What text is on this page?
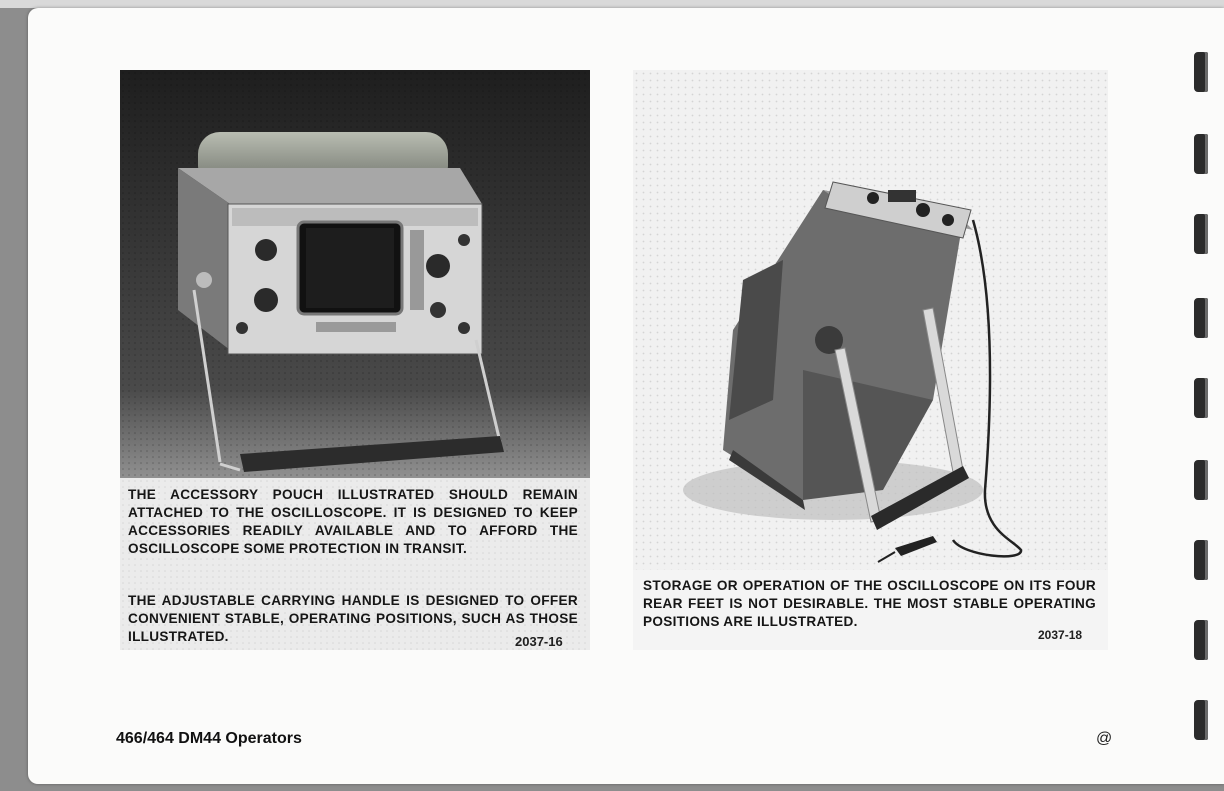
THE ACCESSORY POUCH ILLUSTRATED SHOULD REMAIN ATTACHED TO THE OSCILLOSCOPE. IT IS DESIGNED TO KEEP ACCESSORIES READILY AVAILABLE AND TO AFFORD THE OSCILLOSCOPE SOME PROTECTION IN TRANSIT.
THE ADJUSTABLE CARRYING HANDLE IS DESIGNED TO OFFER CONVENIENT STABLE, OPERATING POSITIONS, SUCH AS THOSE ILLUSTRATED.	2037-16
STORAGE OR OPERATION OF THE OSCILLOSCOPE ON ITS FOUR REAR FEET IS NOT DESIRABLE. THE MOST STABLE OPERATING POSITIONS ARE ILLUSTRATED.
2037-18
466/464 DM44 Operators	@
